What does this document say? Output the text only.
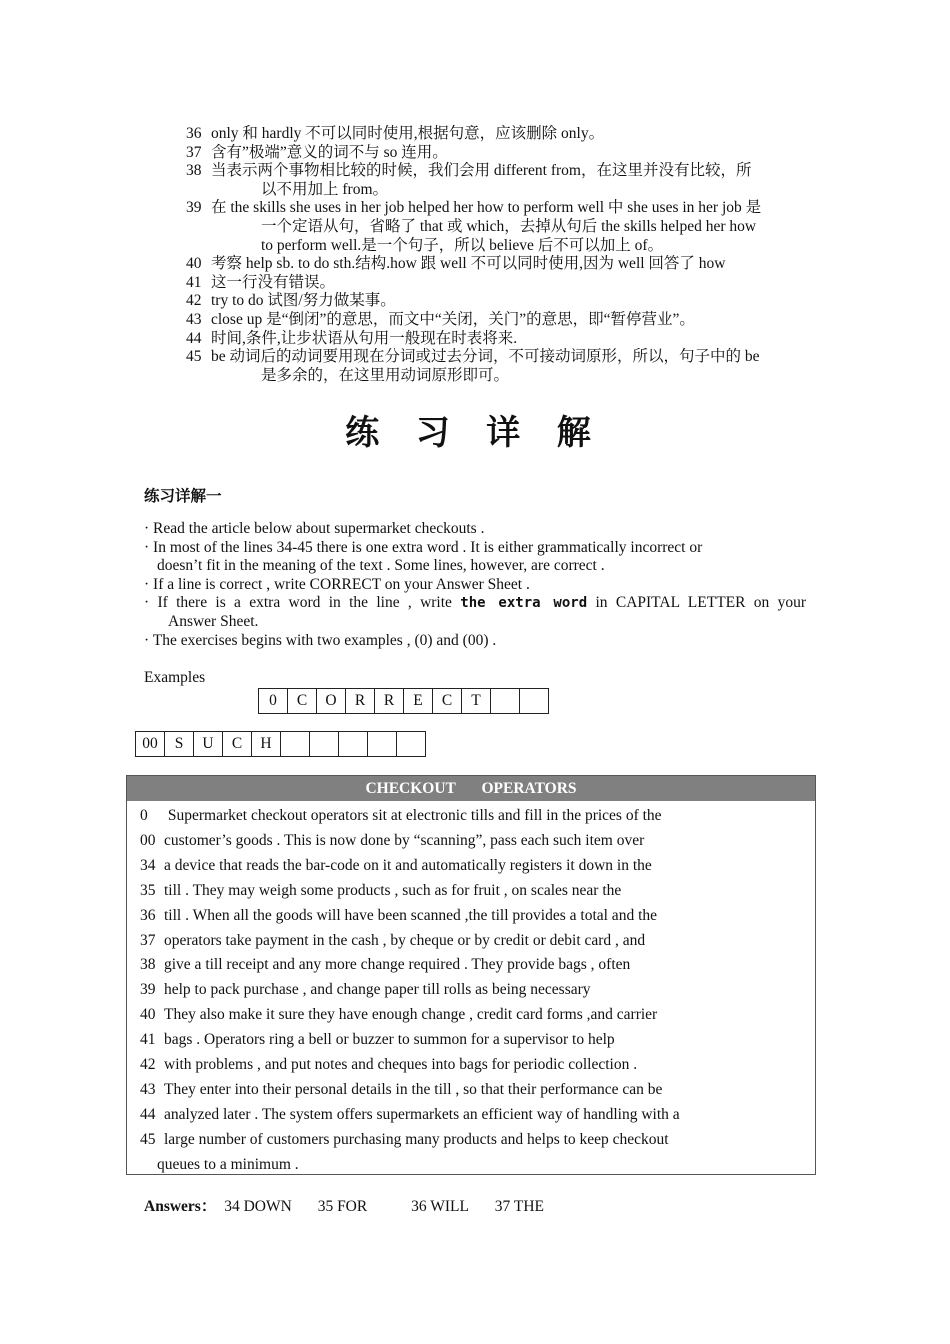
36 only 和 hardly 不可以同时使用,根据句意，应该删除 only。
37 含有”极端”意义的词不与 so 连用。
38 当表示两个事物相比较的时候，我们会用 different from，在这里并没有比较，所
以不用加上 from。
39 在 the skills she uses in her job helped her how to perform well 中 she uses in her job 是
一个定语从句，省略了 that 或 which，去掉从句后 the skills helped her how
to perform well.是一个句子，所以 believe 后不可以加上 of。
40 考察 help sb. to do sth.结构.how 跟 well 不可以同时使用,因为 well 回答了 how
41 这一行没有错误。
42 try to do 试图/努力做某事。
43 close up 是“倒闭”的意思，而文中“关闭，关门”的意思，即“暂停营业”。
44 时间,条件,让步状语从句用一般现在时表将来.
45 be 动词后的动词要用现在分词或过去分词，不可接动词原形，所以，句子中的 be
是多余的，在这里用动词原形即可。
练 习 详 解
练习详解一
· Read the article below about supermarket checkouts .
· In most of the lines 34-45 there is one extra word . It is either grammatically incorrect or
doesn’t fit in the meaning of the text . Some lines, however, are correct .
· If a line is correct , write CORRECT on your Answer Sheet .
· If there is a extra word in the line , write the extra word in CAPITAL LETTER on your
Answer Sheet.
· The exercises begins with two examples , (0) and (00) .
Examples
0	C	O	R	R	E	C	T		
00	S	U	C	H					
CHECKOUT OPERATORS
0 Supermarket checkout operators sit at electronic tills and fill in the prices of the
00 customer’s goods . This is now done by “scanning”, pass each such item over
34 a device that reads the bar-code on it and automatically registers it down in the
35 till . They may weigh some products , such as for fruit , on scales near the
36 till . When all the goods will have been scanned ,the till provides a total and the
37 operators take payment in the cash , by cheque or by credit or debit card , and
38 give a till receipt and any more change required . They provide bags , often
39 help to pack purchase , and change paper till rolls as being necessary
40 They also make it sure they have enough change , credit card forms ,and carrier
41 bags . Operators ring a bell or buzzer to summon for a supervisor to help
42 with problems , and put notes and cheques into bags for periodic collection .
43 They enter into their personal details in the till , so that their performance can be
44 analyzed later . The system offers supermarkets an efficient way of handling with a
45 large number of customers purchasing many products and helps to keep checkout
queues to a minimum .
Answers： 34 DOWN 35 FOR	36 WILL 37 THE
